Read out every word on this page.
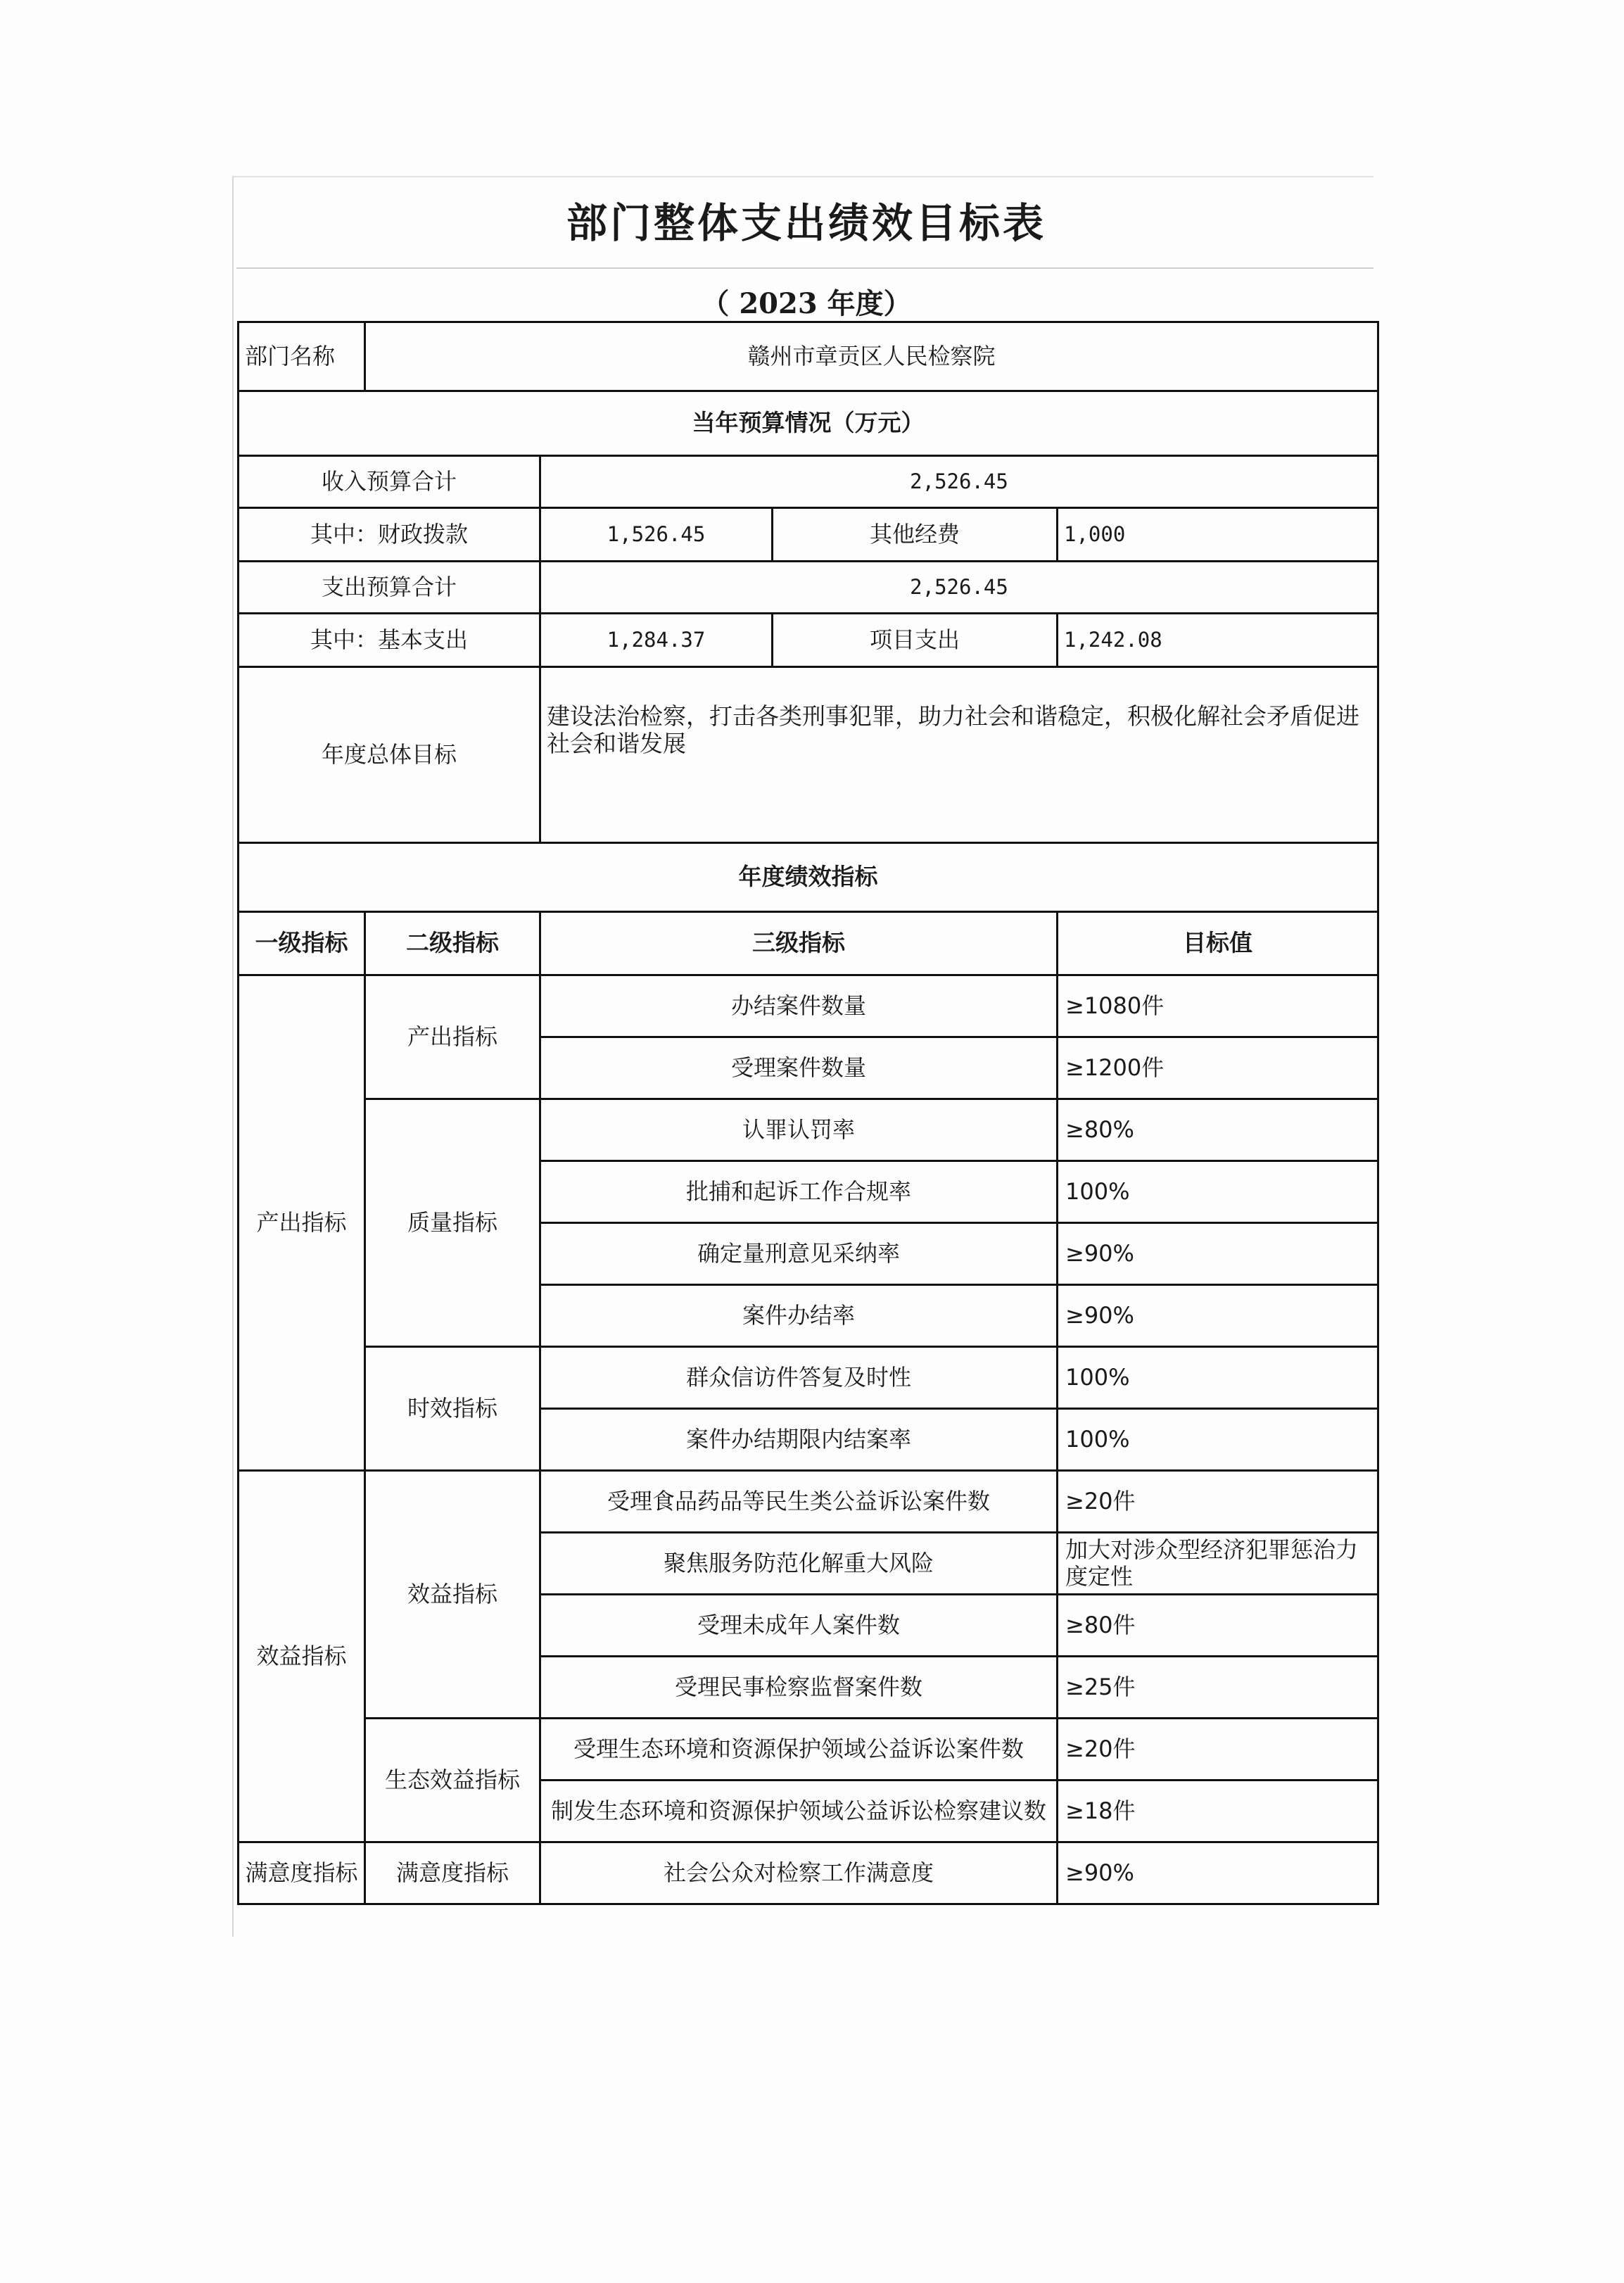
部门整体支出绩效目标表
（ 2023 年度）
部门名称	赣州市章贡区人民检察院			
当年预算情况（万元）				
收入预算合计		2,526.45		
其中：财政拨款		1,526.45	其他经费	1,000
支出预算合计		2,526.45		
其中：基本支出		1,284.37	项目支出	1,242.08
年度总体目标		建设法治检察，打击各类刑事犯罪，助力社会和谐稳定，积极化解社会矛盾促进社会和谐发展		
年度绩效指标				
一级指标	二级指标	三级指标		目标值
产出指标	产出指标	办结案件数量		≥1080件
		受理案件数量		≥1200件
	质量指标	认罪认罚率		≥80%
		批捕和起诉工作合规率		100%
		确定量刑意见采纳率		≥90%
		案件办结率		≥90%
	时效指标	群众信访件答复及时性		100%
		案件办结期限内结案率		100%
效益指标	效益指标	受理食品药品等民生类公益诉讼案件数		≥20件
		聚焦服务防范化解重大风险		加大对涉众型经济犯罪惩治力度定性
		受理未成年人案件数		≥80件
		受理民事检察监督案件数		≥25件
	生态效益指标	受理生态环境和资源保护领域公益诉讼案件数		≥20件
		制发生态环境和资源保护领域公益诉讼检察建议数		≥18件
满意度指标	满意度指标	社会公众对检察工作满意度		≥90%
